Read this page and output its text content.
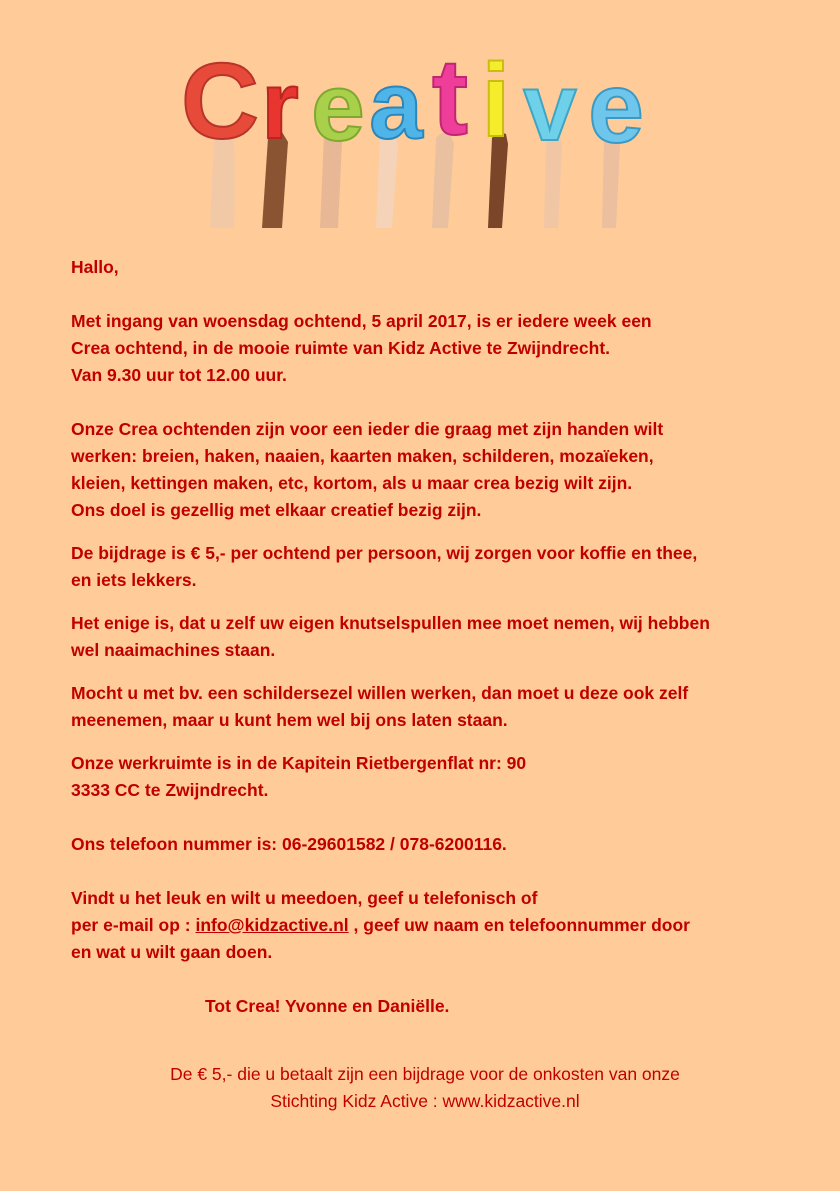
C r e a t i v e
Hallo,
Met ingang van woensdag ochtend, 5 april 2017, is er iedere week een
Crea ochtend, in de mooie ruimte van Kidz Active te Zwijndrecht.
Van 9.30 uur tot 12.00 uur.
Onze Crea ochtenden zijn voor een ieder die graag met zijn handen wilt
werken: breien, haken, naaien, kaarten maken, schilderen, mozaïeken,
kleien, kettingen maken, etc, kortom, als u maar crea bezig wilt zijn.
Ons doel is gezellig met elkaar creatief bezig zijn.
De bijdrage is € 5,- per ochtend per persoon, wij zorgen voor koffie en thee,
en iets lekkers.
Het enige is, dat u zelf uw eigen knutselspullen mee moet nemen, wij hebben
wel naaimachines staan.
Mocht u met bv. een schildersezel willen werken, dan moet u deze ook zelf
meenemen, maar u kunt hem wel bij ons laten staan.
Onze werkruimte is in de Kapitein Rietbergenflat nr: 90
3333 CC te Zwijndrecht.
Ons telefoon nummer is: 06-29601582 / 078-6200116.
Vindt u het leuk en wilt u meedoen, geef u telefonisch of
per e-mail op : info@kidzactive.nl , geef uw naam en telefoonnummer door
en wat u wilt gaan doen.
Tot Crea! Yvonne en Daniëlle.
De € 5,- die u betaalt zijn een bijdrage voor de onkosten van onze
Stichting Kidz Active : www.kidzactive.nl
